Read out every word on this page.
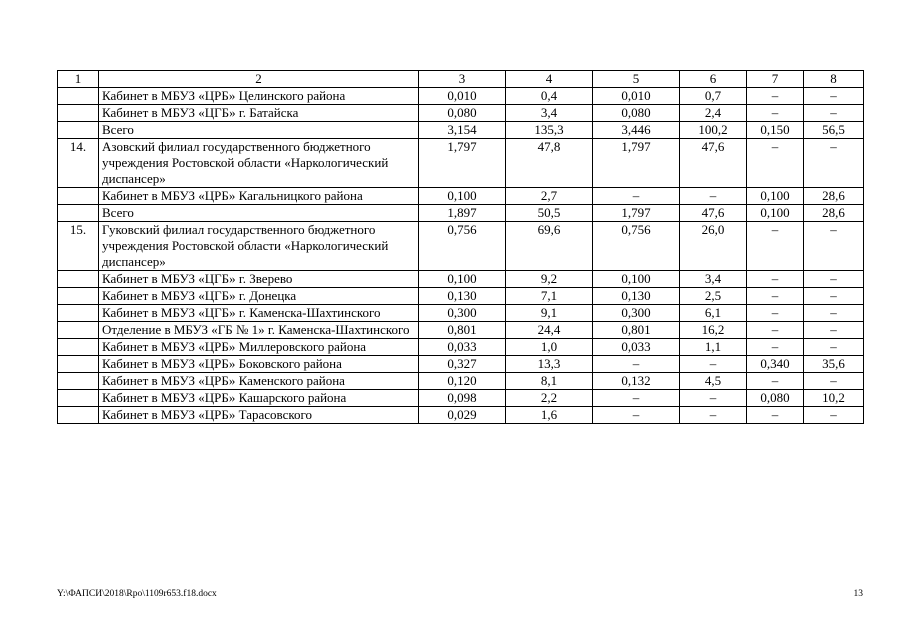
1	2	3	4	5	6	7	8
	Кабинет в МБУЗ «ЦРБ» Целинского района	0,010	0,4	0,010	0,7	–	–
	Кабинет в МБУЗ «ЦГБ» г. Батайска	0,080	3,4	0,080	2,4	–	–
	Всего	3,154	135,3	3,446	100,2	0,150	56,5
14.	Азовский филиал государственного бюджетного учреждения Ростовской области «Наркологический диспансер»	1,797	47,8	1,797	47,6	–	–
	Кабинет в МБУЗ «ЦРБ» Кагальницкого района	0,100	2,7	–	–	0,100	28,6
	Всего	1,897	50,5	1,797	47,6	0,100	28,6
15.	Гуковский филиал государственного бюджетного учреждения Ростовской области «Наркологический диспансер»	0,756	69,6	0,756	26,0	–	–
	Кабинет в МБУЗ «ЦГБ» г. Зверево	0,100	9,2	0,100	3,4	–	–
	Кабинет в МБУЗ «ЦГБ» г. Донецка	0,130	7,1	0,130	2,5	–	–
	Кабинет в МБУЗ «ЦГБ» г. Каменска-Шахтинского	0,300	9,1	0,300	6,1	–	–
	Отделение в МБУЗ «ГБ № 1» г. Каменска-Шахтинского	0,801	24,4	0,801	16,2	–	–
	Кабинет в МБУЗ «ЦРБ» Миллеровского района	0,033	1,0	0,033	1,1	–	–
	Кабинет в МБУЗ «ЦРБ» Боковского района	0,327	13,3	–	–	0,340	35,6
	Кабинет в МБУЗ «ЦРБ» Каменского района	0,120	8,1	0,132	4,5	–	–
	Кабинет в МБУЗ «ЦРБ» Кашарского района	0,098	2,2	–	–	0,080	10,2
	Кабинет в МБУЗ «ЦРБ» Тарасовского	0,029	1,6	–	–	–	–
Y:\ФАПСИ\2018\Rpo\1109r653.f18.docx	13
